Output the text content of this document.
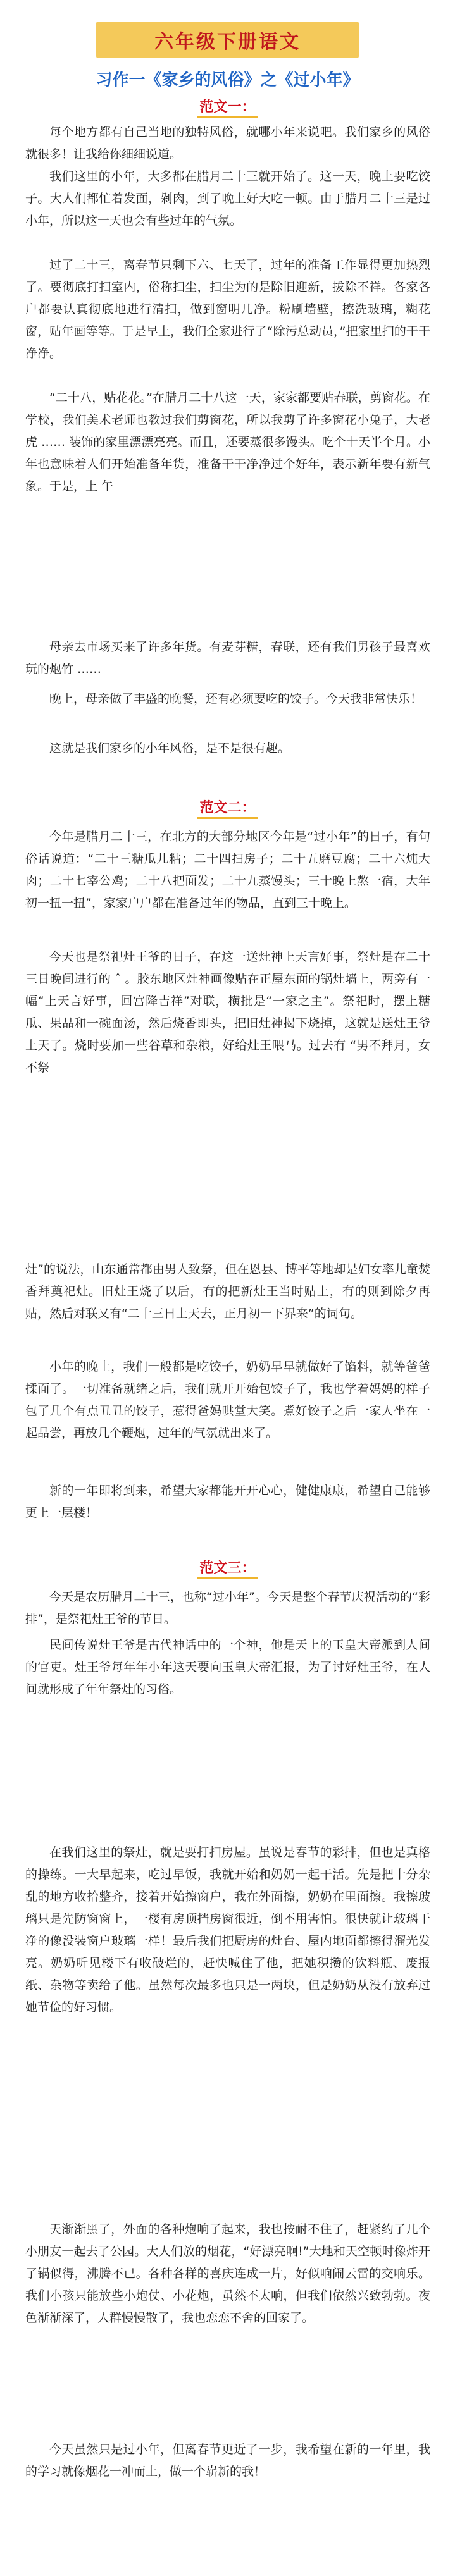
六年级下册语文
习作一《家乡的风俗》之《过小年》
范文一：

每个地方都有自己当地的独特风俗，就哪小年来说吧。我们家乡的风俗就很多！让我给你细细说道。

我们这里的小年，大多都在腊月二十三就开始了。这一天，晚上要吃饺子。大人们都忙着发面，剁肉，到了晚上好大吃一顿。由于腊月二十三是过小年，所以这一天也会有些过年的气氛。

过了二十三，离春节只剩下六、七天了，过年的准备工作显得更加热烈了。要彻底打扫室内，俗称扫尘，扫尘为的是除旧迎新，拔除不祥。各家各户都要认真彻底地进行清扫，做到窗明几净。粉刷墙壁，擦洗玻璃，糊花窗，贴年画等等。于是早上，我们全家进行了“除污总动员，”把家里扫的干干净净。

“二十八，贴花花。”在腊月二十八这一天，家家都要贴春联，剪窗花。在学校，我们美术老师也教过我们剪窗花，所以我剪了许多窗花小兔子，大老虎 …… 装饰的家里漂漂亮亮。而且，还要蒸很多馒头。吃个十天半个月。小年也意味着人们开始准备年货，准备干干净净过个好年，表示新年要有新气象。于是，上 午

母亲去市场买来了许多年货。有麦芽糖，春联，还有我们男孩子最喜欢玩的炮竹 ……

晚上，母亲做了丰盛的晚餐，还有必须要吃的饺子。今天我非常快乐！

这就是我们家乡的小年风俗，是不是很有趣。

范文二：

今年是腊月二十三，在北方的大部分地区今年是“过小年”的日子，有句俗话说道：“二十三糖瓜儿粘；二十四扫房子；二十五磨豆腐；二十六炖大肉；二十七宰公鸡；二十八把面发；二十九蒸馒头；三十晚上熬一宿，大年初一扭一扭”，家家户户都在准备过年的物品，直到三十晚上。

今天也是祭祀灶王爷的日子，在这一送灶神上天言好事，祭灶是在二十三日晚间进行的 ˆ 。胶东地区灶神画像贴在正屋东面的锅灶墙上，两旁有一幅“上天言好事，回宫降吉祥”对联，横批是“一家之主”。祭祀时，摆上糖瓜、果品和一碗面汤，然后烧香即头，把旧灶神揭下烧掉，这就是送灶王爷上天了。烧时要加一些谷草和杂粮，好给灶王喂马。过去有 “男不拜月，女不祭

灶”的说法，山东通常都由男人致祭，但在恩县、博平等地却是妇女率儿童焚香拜奠祀灶。旧灶王烧了以后，有的把新灶王当时贴上，有的则到除夕再贴，然后对联又有“二十三日上天去，正月初一下界来”的词句。

小年的晚上，我们一般都是吃饺子，奶奶早早就做好了馅料，就等爸爸揉面了。一切准备就绪之后，我们就开开始包饺子了，我也学着妈妈的样子包了几个有点丑丑的饺子，惹得爸妈哄堂大笑。煮好饺子之后一家人坐在一起品尝，再放几个鞭炮，过年的气氛就出来了。

新的一年即将到来，希望大家都能开开心心，健健康康，希望自己能够更上一层楼！

范文三：

今天是农历腊月二十三，也称“过小年”。今天是整个春节庆祝活动的“彩排”，是祭祀灶王爷的节日。

民间传说灶王爷是古代神话中的一个神，他是天上的玉皇大帝派到人间的官吏。灶王爷每年年小年这天要向玉皇大帝汇报，为了讨好灶王爷，在人间就形成了年年祭灶的习俗。

在我们这里的祭灶，就是要打扫房屋。虽说是春节的彩排，但也是真格的操练。一大早起来，吃过早饭，我就开始和奶奶一起干活。先是把十分杂乱的地方收拾整齐，接着开始擦窗户，我在外面擦，奶奶在里面擦。我擦玻璃只是先防窗窗上，一楼有房顶挡房窗很近，倒不用害怕。很快就让玻璃干净的像没装窗户玻璃一样！最后我们把厨房的灶台、屋内地面都擦得溜光发亮。奶奶听见楼下有收破烂的，赶快喊住了他，把她积攒的饮料瓶、废报纸、杂物等卖给了他。虽然每次最多也只是一两块，但是奶奶从没有放弃过她节俭的好习惯。

天渐渐黑了，外面的各种炮响了起来，我也按耐不住了，赶紧约了几个小朋友一起去了公园。大人们放的烟花，“好漂亮啊!”大地和天空顿时像炸开了锅似得，沸腾不已。各种各样的喜庆连成一片，好似响闹云雷的交响乐。我们小孩只能放些小炮仗、小花炮，虽然不太响，但我们依然兴致勃勃。夜色渐渐深了，人群慢慢散了，我也恋恋不舍的回家了。

今天虽然只是过小年，但离春节更近了一步，我希望在新的一年里，我的学习就像烟花一冲而上，做一个崭新的我！
